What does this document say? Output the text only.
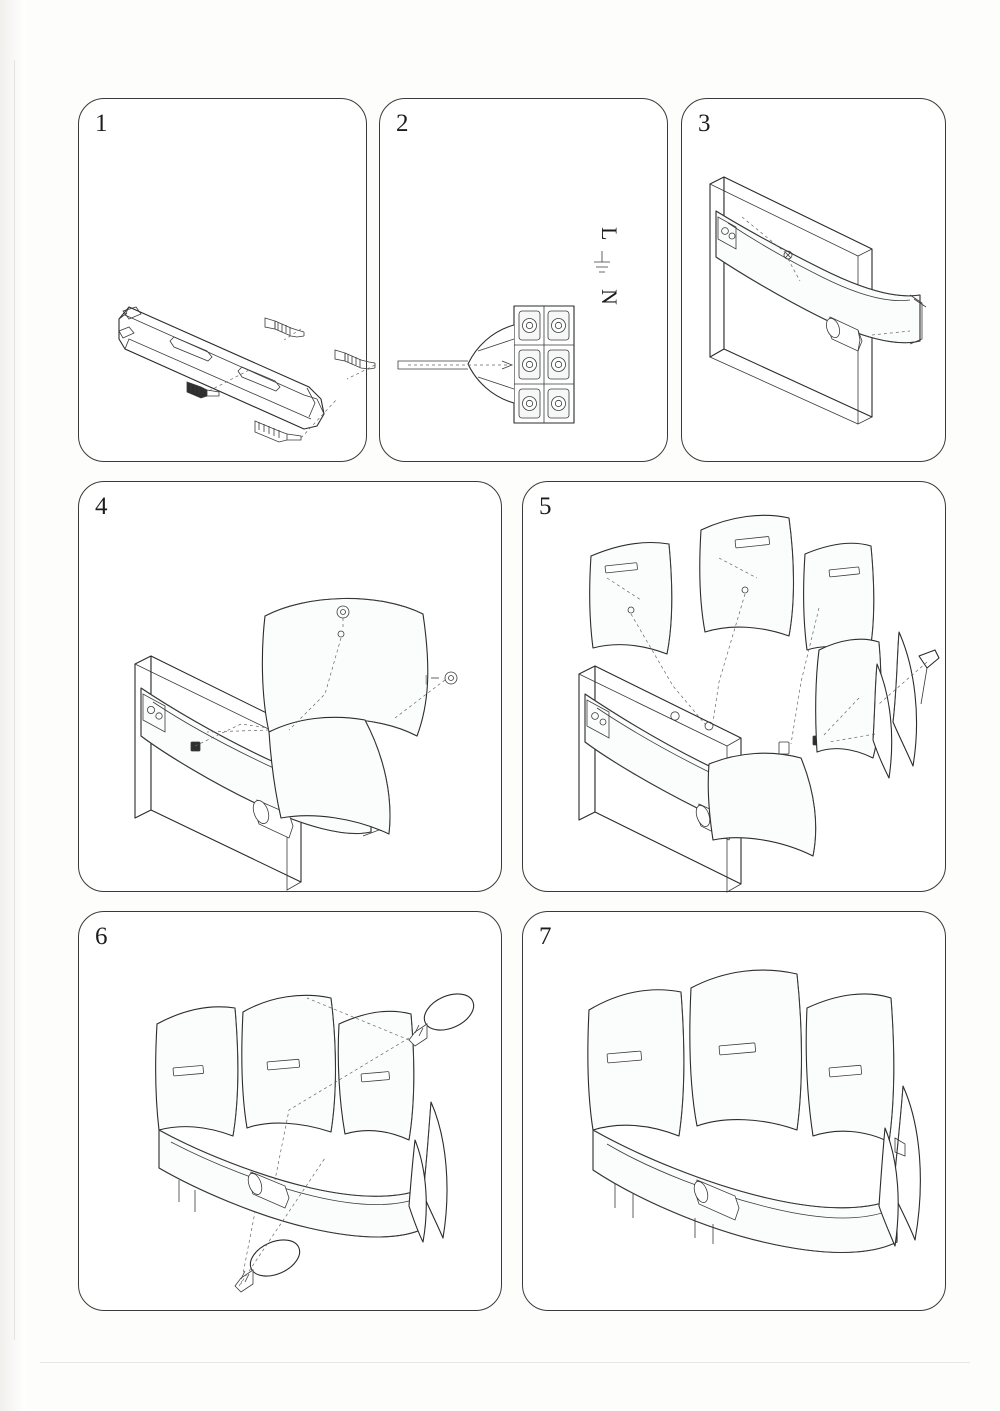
1	2
L
N
3
4
|
5
6	7
